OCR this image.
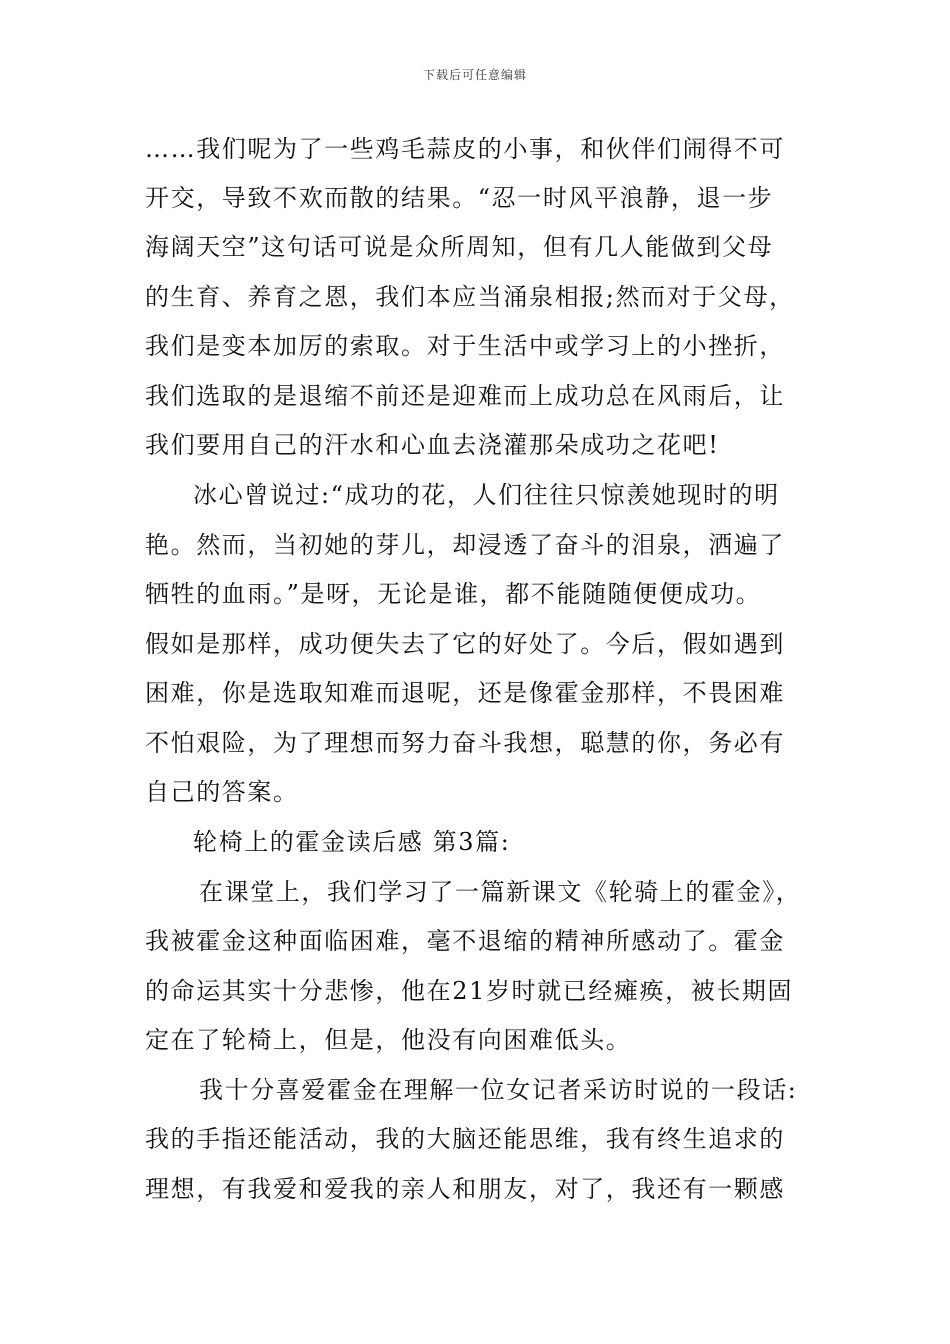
下载后可任意编辑
……我们呢为了一些鸡毛蒜皮的小事，和伙伴们闹得不可
开交，导致不欢而散的结果。“忍一时风平浪静，退一步
海阔天空”这句话可说是众所周知，但有几人能做到父母
的生育、养育之恩，我们本应当涌泉相报;然而对于父母，
我们是变本加厉的索取。对于生活中或学习上的小挫折，
我们选取的是退缩不前还是迎难而上成功总在风雨后，让
我们要用自己的汗水和心血去浇灌那朵成功之花吧!
冰心曾说过:“成功的花，人们往往只惊羡她现时的明
艳。然而，当初她的芽儿，却浸透了奋斗的泪泉，洒遍了
牺牲的血雨。”是呀，无论是谁，都不能随随便便成功。
假如是那样，成功便失去了它的好处了。今后，假如遇到
困难，你是选取知难而退呢，还是像霍金那样，不畏困难
不怕艰险，为了理想而努力奋斗我想，聪慧的你，务必有
自己的答案。
轮椅上的霍金读后感 第3篇:
在课堂上，我们学习了一篇新课文《轮骑上的霍金》，
我被霍金这种面临困难，毫不退缩的精神所感动了。霍金
的命运其实十分悲惨，他在21岁时就已经瘫痪，被长期固
定在了轮椅上，但是，他没有向困难低头。
我十分喜爱霍金在理解一位女记者采访时说的一段话:
我的手指还能活动，我的大脑还能思维，我有终生追求的
理想，有我爱和爱我的亲人和朋友，对了，我还有一颗感
